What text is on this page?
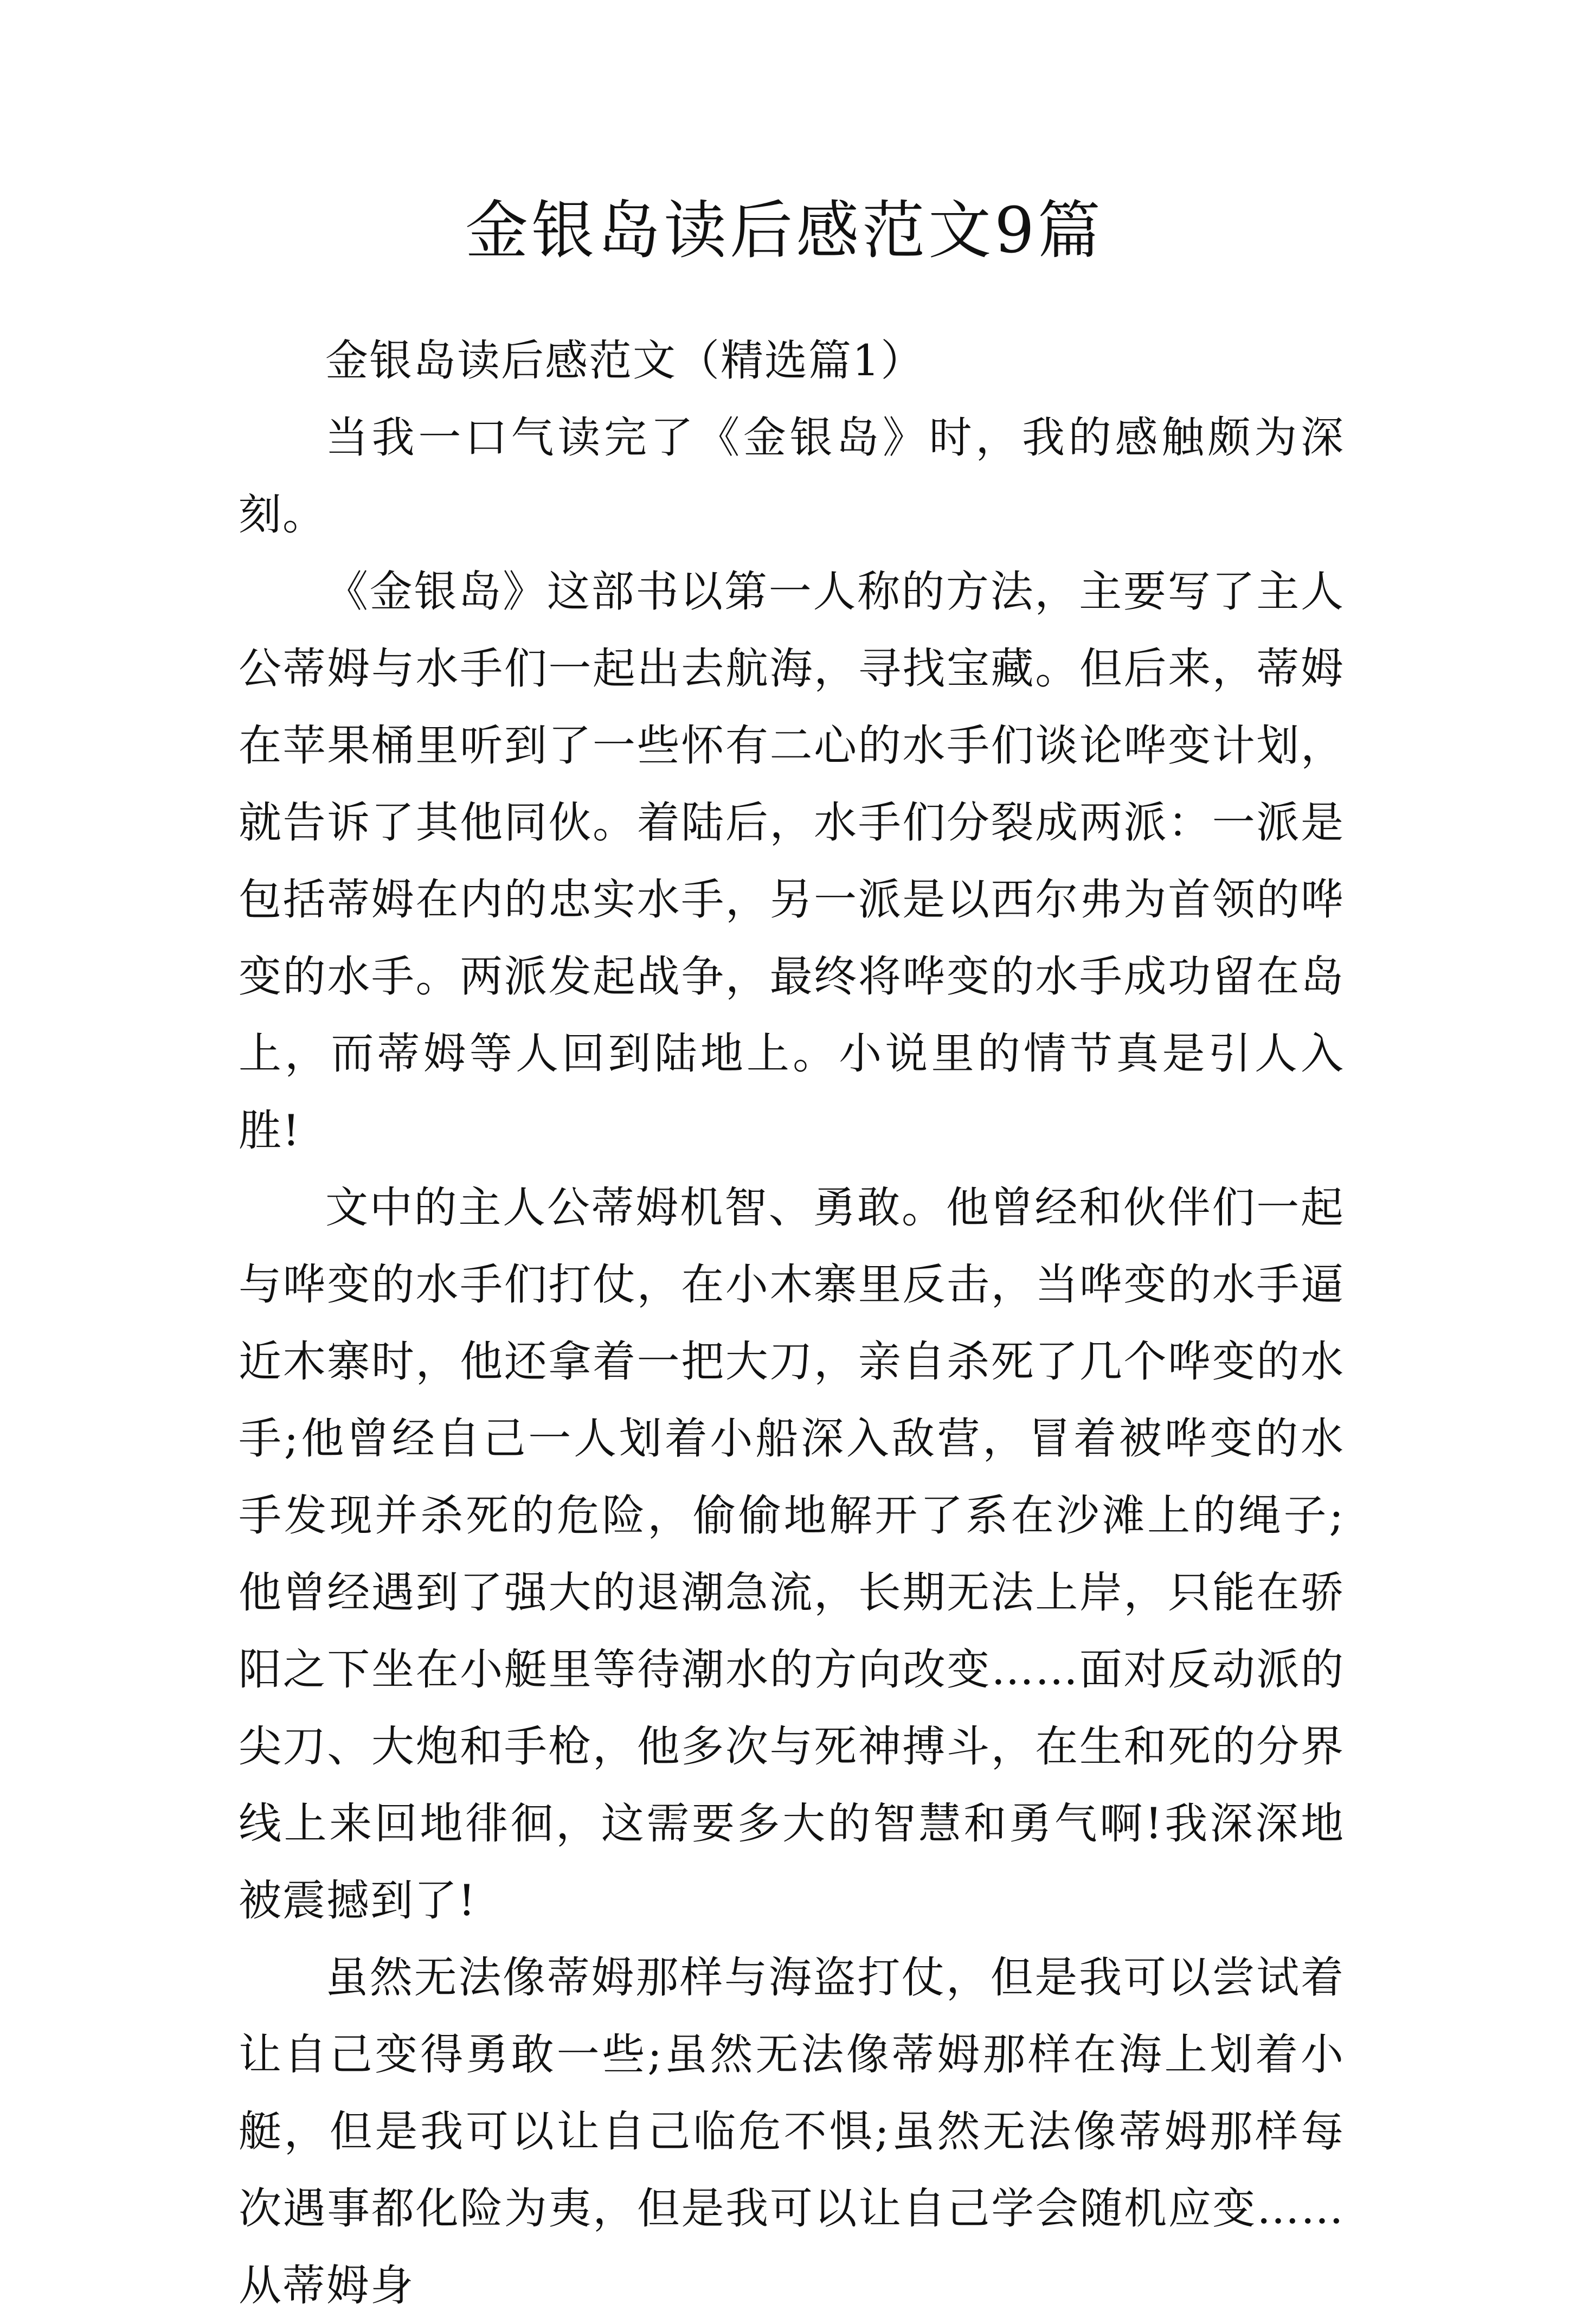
金银岛读后感范文9篇

金银岛读后感范文（精选篇1）

当我一口气读完了《金银岛》时，我的感触颇为深刻。

《金银岛》这部书以第一人称的方法，主要写了主人公蒂姆与水手们一起出去航海，寻找宝藏。但后来，蒂姆在苹果桶里听到了一些怀有二心的水手们谈论哗变计划，就告诉了其他同伙。着陆后，水手们分裂成两派：一派是包括蒂姆在内的忠实水手，另一派是以西尔弗为首领的哗变的水手。两派发起战争，最终将哗变的水手成功留在岛上，而蒂姆等人回到陆地上。小说里的情节真是引人入胜!

文中的主人公蒂姆机智、勇敢。他曾经和伙伴们一起与哗变的水手们打仗，在小木寨里反击，当哗变的水手逼近木寨时，他还拿着一把大刀，亲自杀死了几个哗变的水手;他曾经自己一人划着小船深入敌营，冒着被哗变的水手发现并杀死的危险，偷偷地解开了系在沙滩上的绳子;他曾经遇到了强大的退潮急流，长期无法上岸，只能在骄阳之下坐在小艇里等待潮水的方向改变……面对反动派的尖刀、大炮和手枪，他多次与死神搏斗，在生和死的分界线上来回地徘徊，这需要多大的智慧和勇气啊!我深深地被震撼到了!

虽然无法像蒂姆那样与海盗打仗，但是我可以尝试着让自己变得勇敢一些;虽然无法像蒂姆那样在海上划着小艇，但是我可以让自己临危不惧;虽然无法像蒂姆那样每次遇事都化险为夷，但是我可以让自己学会随机应变……从蒂姆身
